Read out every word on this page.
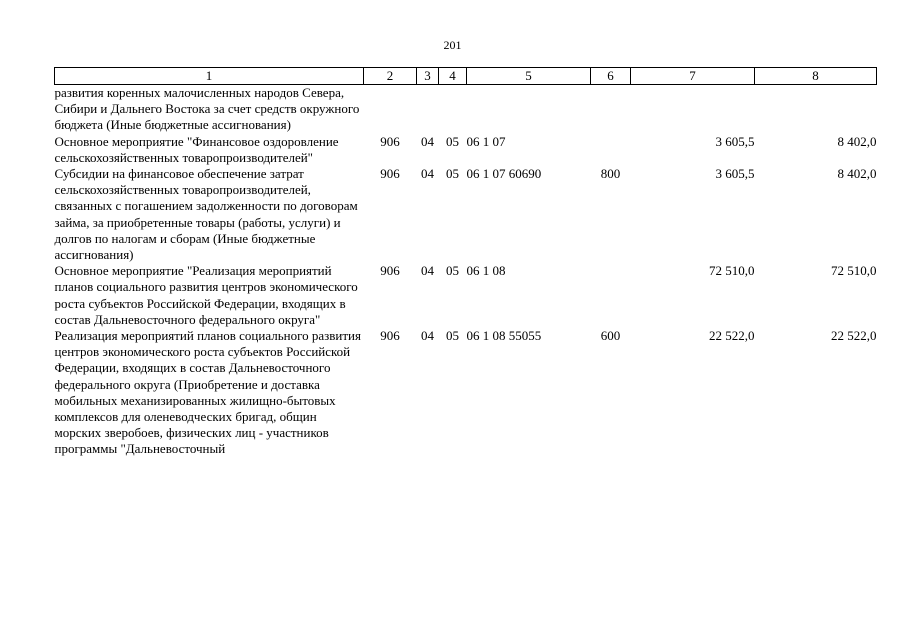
201
1	2	3	4	5	6	7	8
развития коренных малочисленных народов Севера, Сибири и Дальнего Востока за счет средств окружного бюджета (Иные бюджетные ассигнования)							
Основное мероприятие "Финансовое оздоровление сельскохозяйственных товаропроизводителей"	906	04	05	06 1 07		3 605,5	8 402,0
Субсидии на финансовое обеспечение затрат сельскохозяйственных товаропроизводителей, связанных с погашением задолженности по договорам займа, за приобретенные товары (работы, услуги) и долгов по налогам и сборам (Иные бюджетные ассигнования)	906	04	05	06 1 07 60690	800	3 605,5	8 402,0
Основное мероприятие "Реализация мероприятий планов социального развития центров экономического роста субъектов Российской Федерации, входящих в состав Дальневосточного федерального округа"	906	04	05	06 1 08		72 510,0	72 510,0
Реализация мероприятий планов социального развития центров экономического роста субъектов Российской Федерации, входящих в состав Дальневосточного федерального округа (Приобретение и доставка мобильных механизированных жилищно-бытовых комплексов для оленеводческих бригад, общин морских зверобоев, физических лиц - участников программы "Дальневосточный	906	04	05	06 1 08 55055	600	22 522,0	22 522,0
